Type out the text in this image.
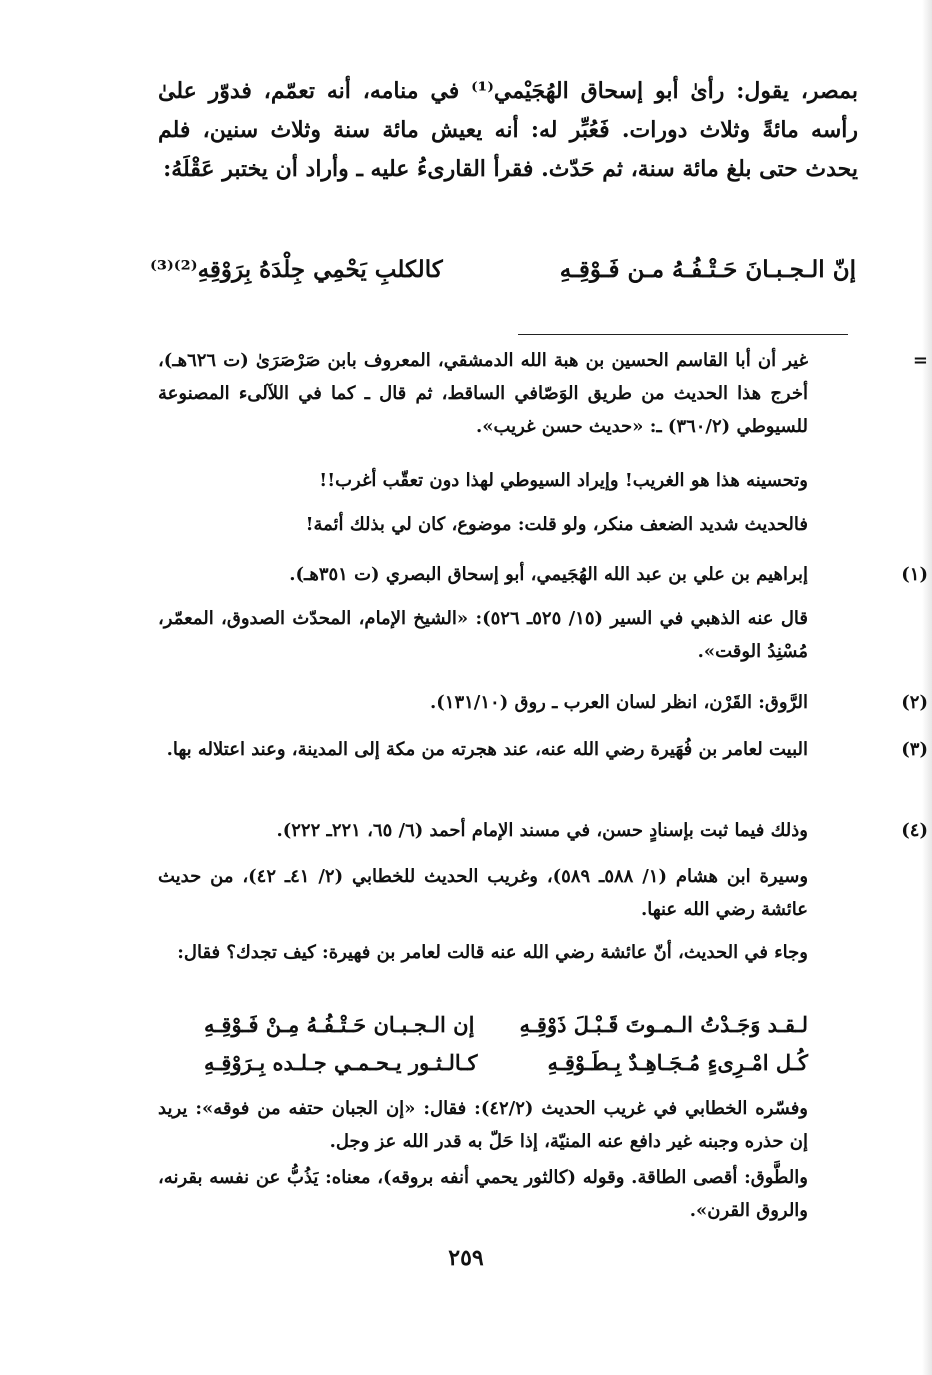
بمصر، يقول: رأىٰ أبو إسحاق الهُجَيْمي⁽¹⁾ في منامه، أنه تعمّم، فدوّر علىٰ رأسه مائةً وثلاث دورات. فَعُبِّر له: أنه يعيش مائة سنة وثلاث سنين، فلم يحدث حتى بلغ مائة سنة، ثم حَدّث. فقرأ القارىءُ عليه ـ وأراد أن يختبر عَقْلَهُ:

إنّ الـجـبـانَ حَـتْـفُـهُ مـن فَـوْقِـهِ
كالكلبِ يَحْمِي جِلْدَهُ بِرَوْقِهِ⁽²⁾⁽³⁾
=

غير أن أبا القاسم الحسين بن هبة الله الدمشقي، المعروف بابن صَرْصَرَىٰ (ت ٦٢٦هـ)، أخرج هذا الحديث من طريق الوَصّافي الساقط، ثم قال ـ كما في اللآلىء المصنوعة للسيوطي (٣٦٠/٢) ـ: «حديث حسن غريب».

وتحسينه هذا هو الغريب! وإيراد السيوطي لهذا دون تعقّب أغرب!!

فالحديث شديد الضعف منكر، ولو قلت: موضوع، كان لي بذلك أئمة!

(١)

إبراهيم بن علي بن عبد الله الهُجَيمي، أبو إسحاق البصري (ت ٣٥١هـ).

قال عنه الذهبي في السير (١٥/ ٥٢٥ـ ٥٢٦): «الشيخ الإمام، المحدّث الصدوق، المعمّر، مُسْنِدُ الوقت».

(٢)

الرَّوق: القَرْن، انظر لسان العرب ـ روق (١٣١/١٠).

(٣)

البيت لعامر بن فُهَيرة رضي الله عنه، عند هجرته من مكة إلى المدينة، وعند اعتلاله بها.

(٤)

وذلك فيما ثبت بإسنادٍ حسن، في مسند الإمام أحمد (٦/ ٦٥، ٢٢١ـ ٢٢٢).

وسيرة ابن هشام (١/ ٥٨٨ـ ٥٨٩)، وغريب الحديث للخطابي (٢/ ٤١ـ ٤٢)، من حديث عائشة رضي الله عنها.

وجاء في الحديث، أنّ عائشة رضي الله عنه قالت لعامر بن فهيرة: كيف تجدك؟ فقال:

لـقـد وَجَـدْتُ الـمـوتَ قَـبْـلَ ذَوْقِـهِ
إن الـجـبـان حَـتْـفُـهُ مِـنْ فَـوْقِـهِ
كُـل امْـرِىءٍ مُـجَـاهِـدٌ بِـطَـوْقِـهِ
كـالـثـور يـحـمـي جـلـده بِـرَوْقِـهِ

وفسّره الخطابي في غريب الحديث (٤٢/٢): فقال: «إن الجبان حتفه من فوقه»: يريد إن حذره وجبنه غير دافع عنه المنيّة، إذا حَلّ به قدر الله عز وجل.

والطَّوق: أقصى الطاقة. وقوله (كالثور يحمي أنفه بروقه)، معناه: يَذُبُّ عن نفسه بقرنه، والروق القرن».

٢٥٩
